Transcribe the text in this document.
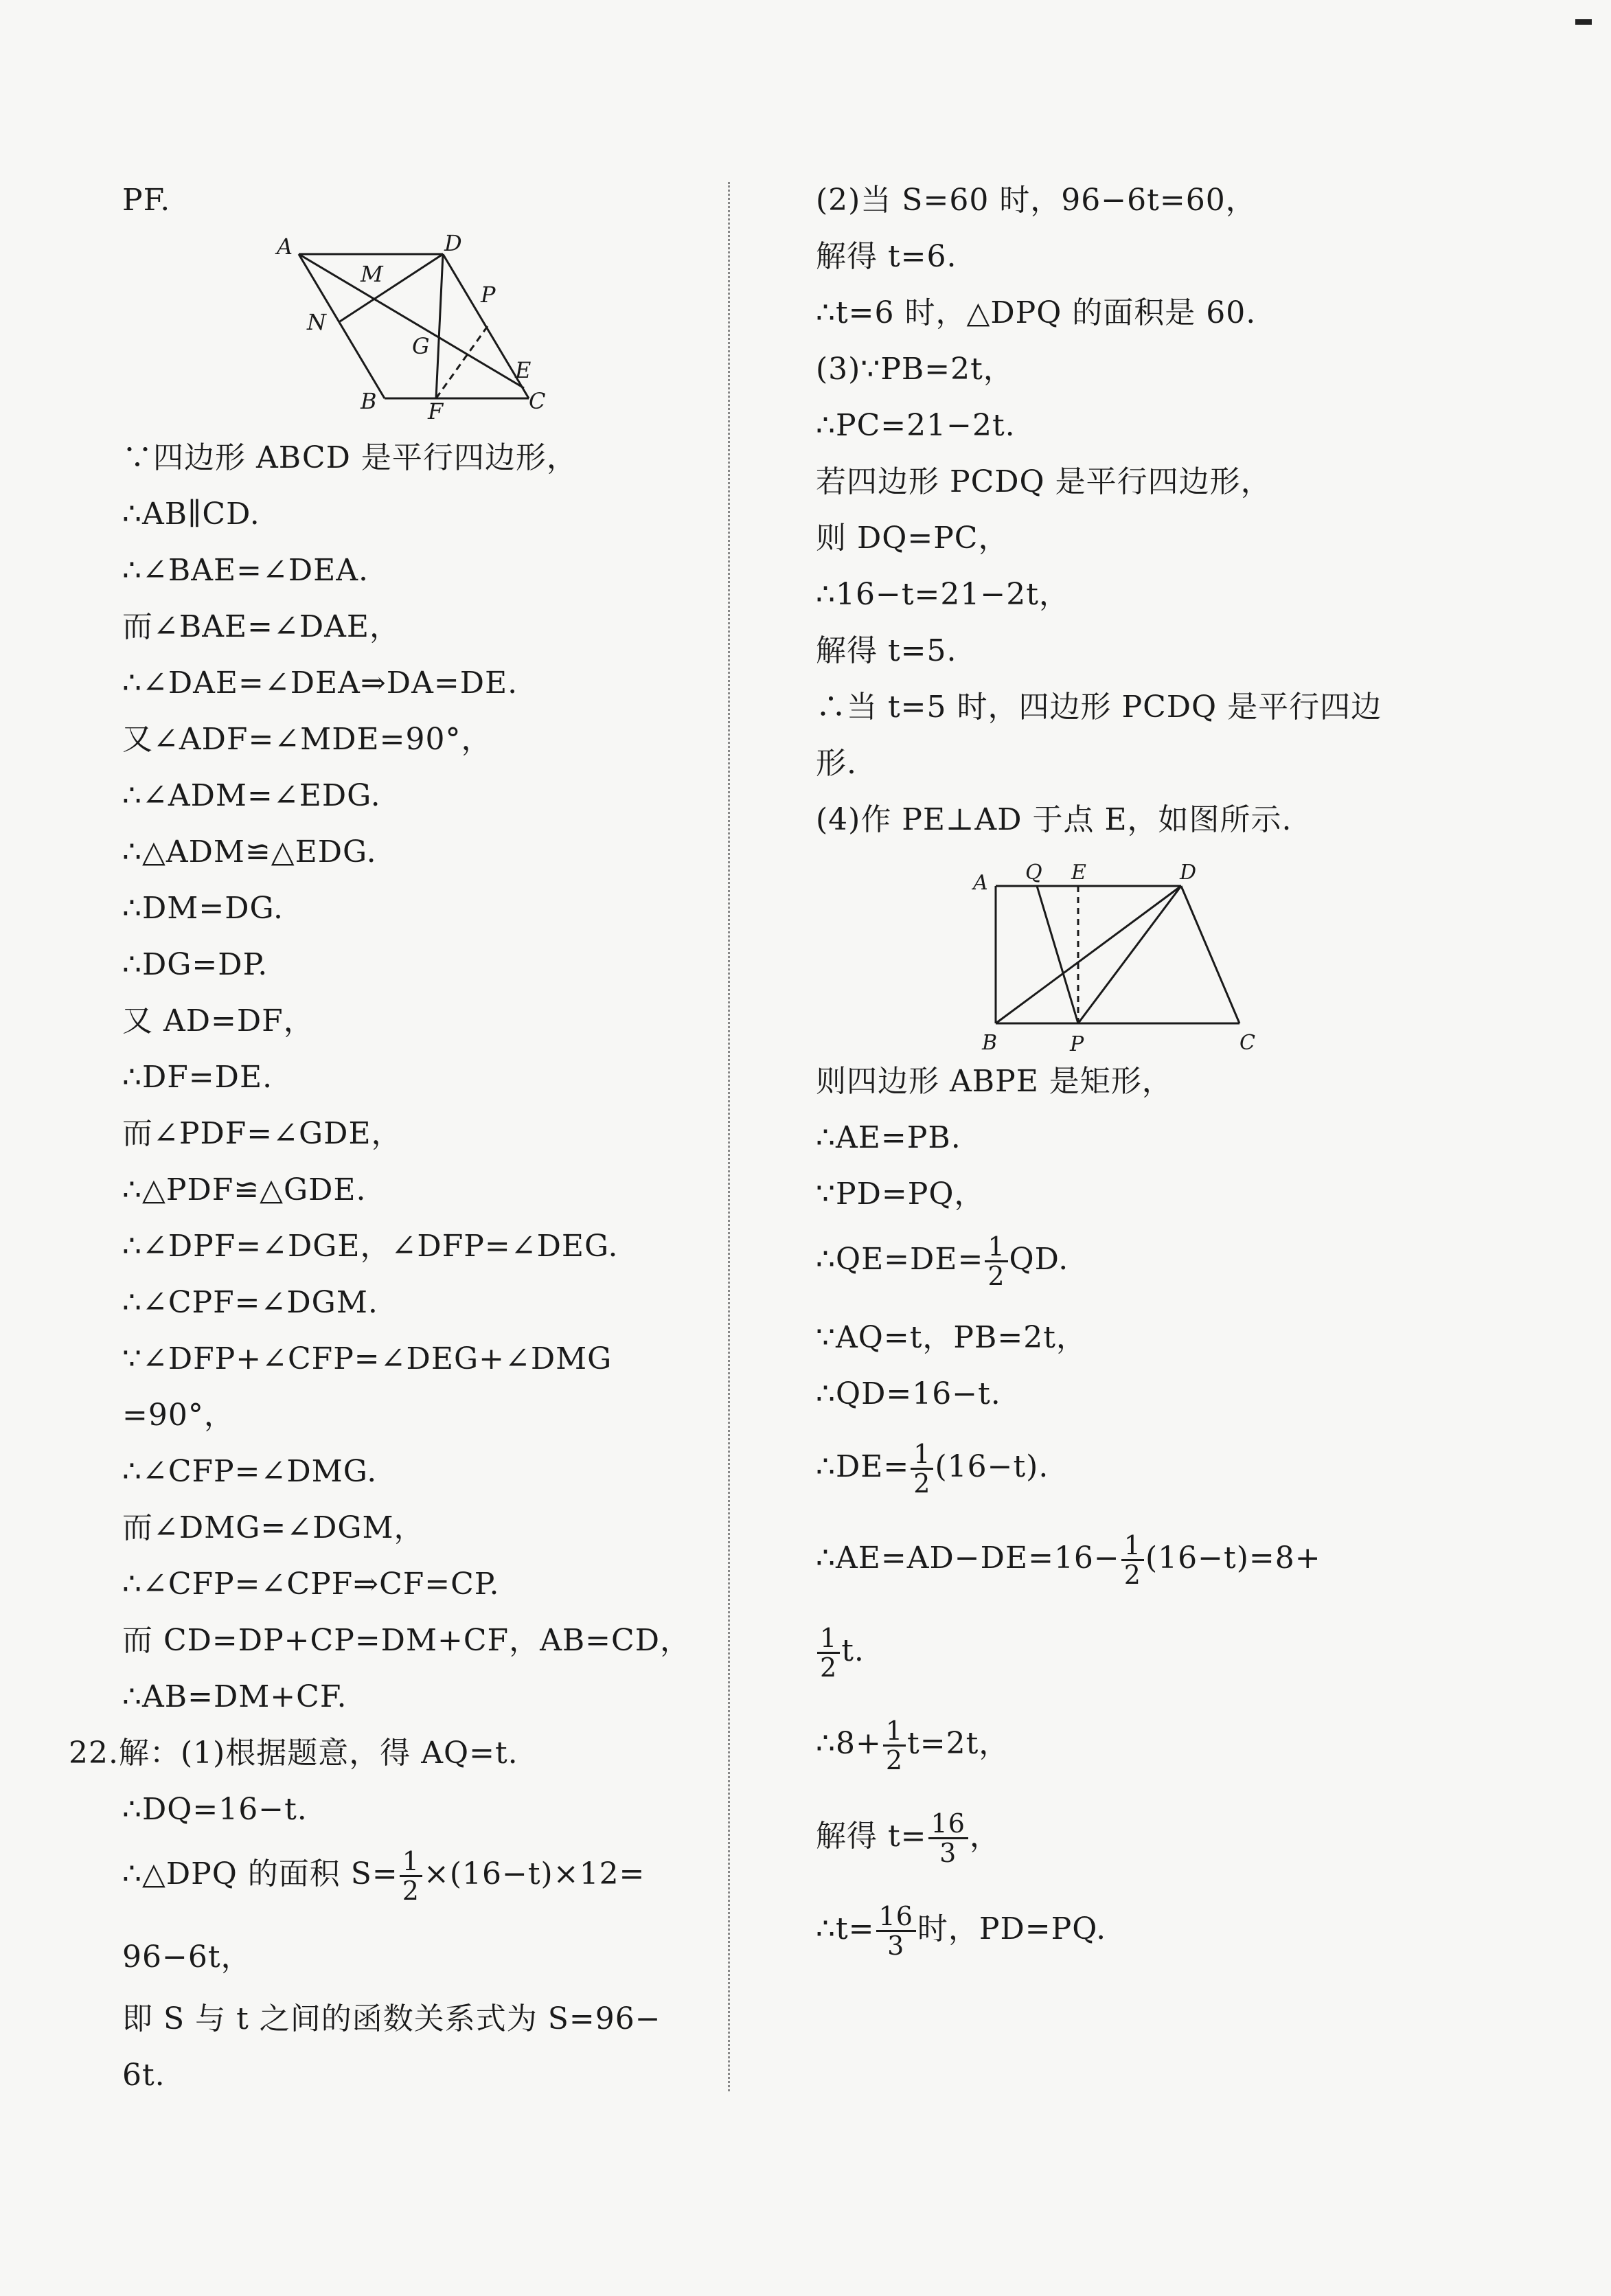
PF.
A	D
M
P
N
G
E
B F	C
∵四边形 ABCD 是平行四边形，
∴AB∥CD.
∴∠BAE=∠DEA.
而∠BAE=∠DAE，
∴∠DAE=∠DEA⇒DA=DE.
又∠ADF=∠MDE=90°，
∴∠ADM=∠EDG.
∴△ADM≌△EDG.
∴DM=DG.
∴DG=DP.
又 AD=DF，
∴DF=DE.
而∠PDF=∠GDE，
∴△PDF≌△GDE.
∴∠DPF=∠DGE，∠DFP=∠DEG.
∴∠CPF=∠DGM.
∵∠DFP+∠CFP=∠DEG+∠DMG
=90°，
∴∠CFP=∠DMG.
而∠DMG=∠DGM，
∴∠CFP=∠CPF⇒CF=CP.
而 CD=DP+CP=DM+CF，AB=CD，
∴AB=DM+CF.
22.解：(1)根据题意，得 AQ=t.
∴DQ=16−t.
∴△DPQ 的面积 $S= \frac{1}{2} \times(16-t)\times 12=$
96−6t，
即 S 与 t 之间的函数关系式为 S=96−
6t.
(2)当 S=60 时，96−6t=60，
解得 t=6.
∴t=6 时，△DPQ 的面积是 60.
(3)∵PB=2t，
∴PC=21−2t.
若四边形 PCDQ 是平行四边形，
则 DQ=PC，
∴16−t=21−2t，
解得 t=5.
∴当 t=5 时，四边形 PCDQ 是平行四边
形.
(4)作 PE⊥AD 于点 E，如图所示.
A Q E	D
B	P	C
则四边形 ABPE 是矩形，
∴AE=PB.
∵PD=PQ，
∴QE=DE= $\frac{1}{2}$ QD.
∵AQ=t，PB=2t，
∴QD=16−t.
∴DE= $\frac{1}{2} (16-t)$.
∴AE=AD−DE=16− $\frac{1}{2} (16-t)=8+$
$\frac{1}{2} t$.
∴8+ $\frac{1}{2} t=2t$，
解得 $t= \frac{16}{3}$ ，
∴t= $\frac{16}{3}$ 时，PD=PQ.
